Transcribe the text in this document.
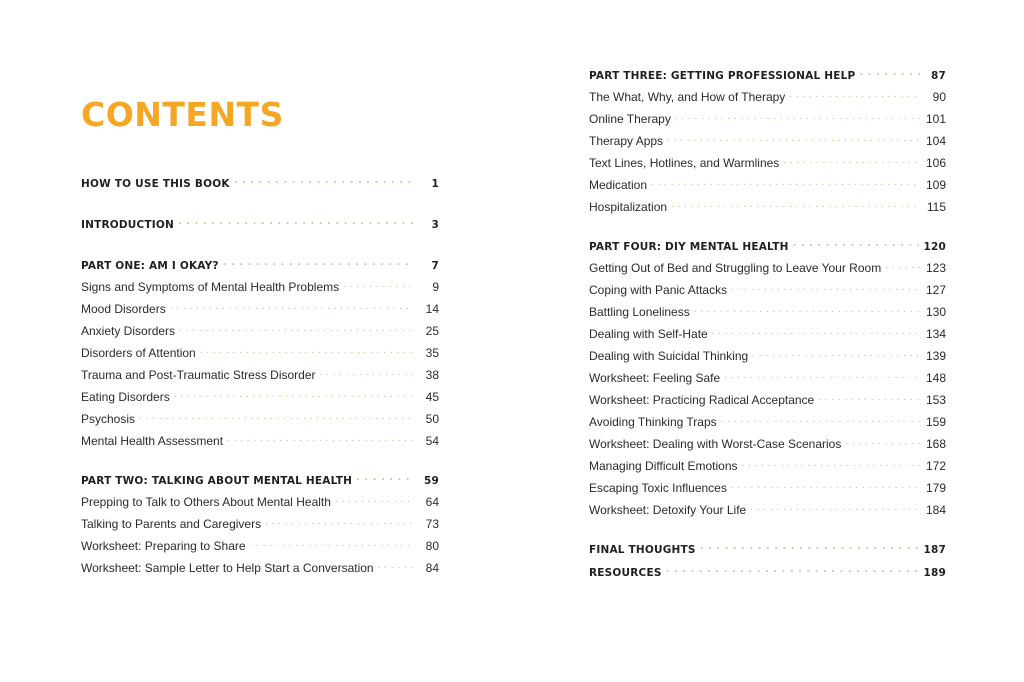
CONTENTS
HOW TO USE THIS BOOK . . .	1
INTRODUCTION . . .	3
PART ONE: AM I OKAY? . . .	7
Signs and Symptoms of Mental Health Problems . . .	9
Mood Disorders . . .	14
Anxiety Disorders . . .	25
Disorders of Attention . . .	35
Trauma and Post-Traumatic Stress Disorder . . .	38
Eating Disorders . . .	45
Psychosis . . .	50
Mental Health Assessment . . .	54
PART TWO: TALKING ABOUT MENTAL HEALTH . . .	59
Prepping to Talk to Others About Mental Health . . .	64
Talking to Parents and Caregivers . . .	73
Worksheet: Preparing to Share . . .	80
Worksheet: Sample Letter to Help Start a Conversation . . .	84
PART THREE: GETTING PROFESSIONAL HELP . . .	87
The What, Why, and How of Therapy . . .	90
Online Therapy . . .	101
Therapy Apps . . .	104
Text Lines, Hotlines, and Warmlines . . .	106
Medication . . .	109
Hospitalization . . .	115
PART FOUR: DIY MENTAL HEALTH . . .	120
Getting Out of Bed and Struggling to Leave Your Room . . .	123
Coping with Panic Attacks . . .	127
Battling Loneliness . . .	130
Dealing with Self-Hate . . .	134
Dealing with Suicidal Thinking . . .	139
Worksheet: Feeling Safe . . .	148
Worksheet: Practicing Radical Acceptance . . .	153
Avoiding Thinking Traps . . .	159
Worksheet: Dealing with Worst-Case Scenarios . . .	168
Managing Difficult Emotions . . .	172
Escaping Toxic Influences . . .	179
Worksheet: Detoxify Your Life . . .	184
FINAL THOUGHTS . . .	187
RESOURCES . . .	189
